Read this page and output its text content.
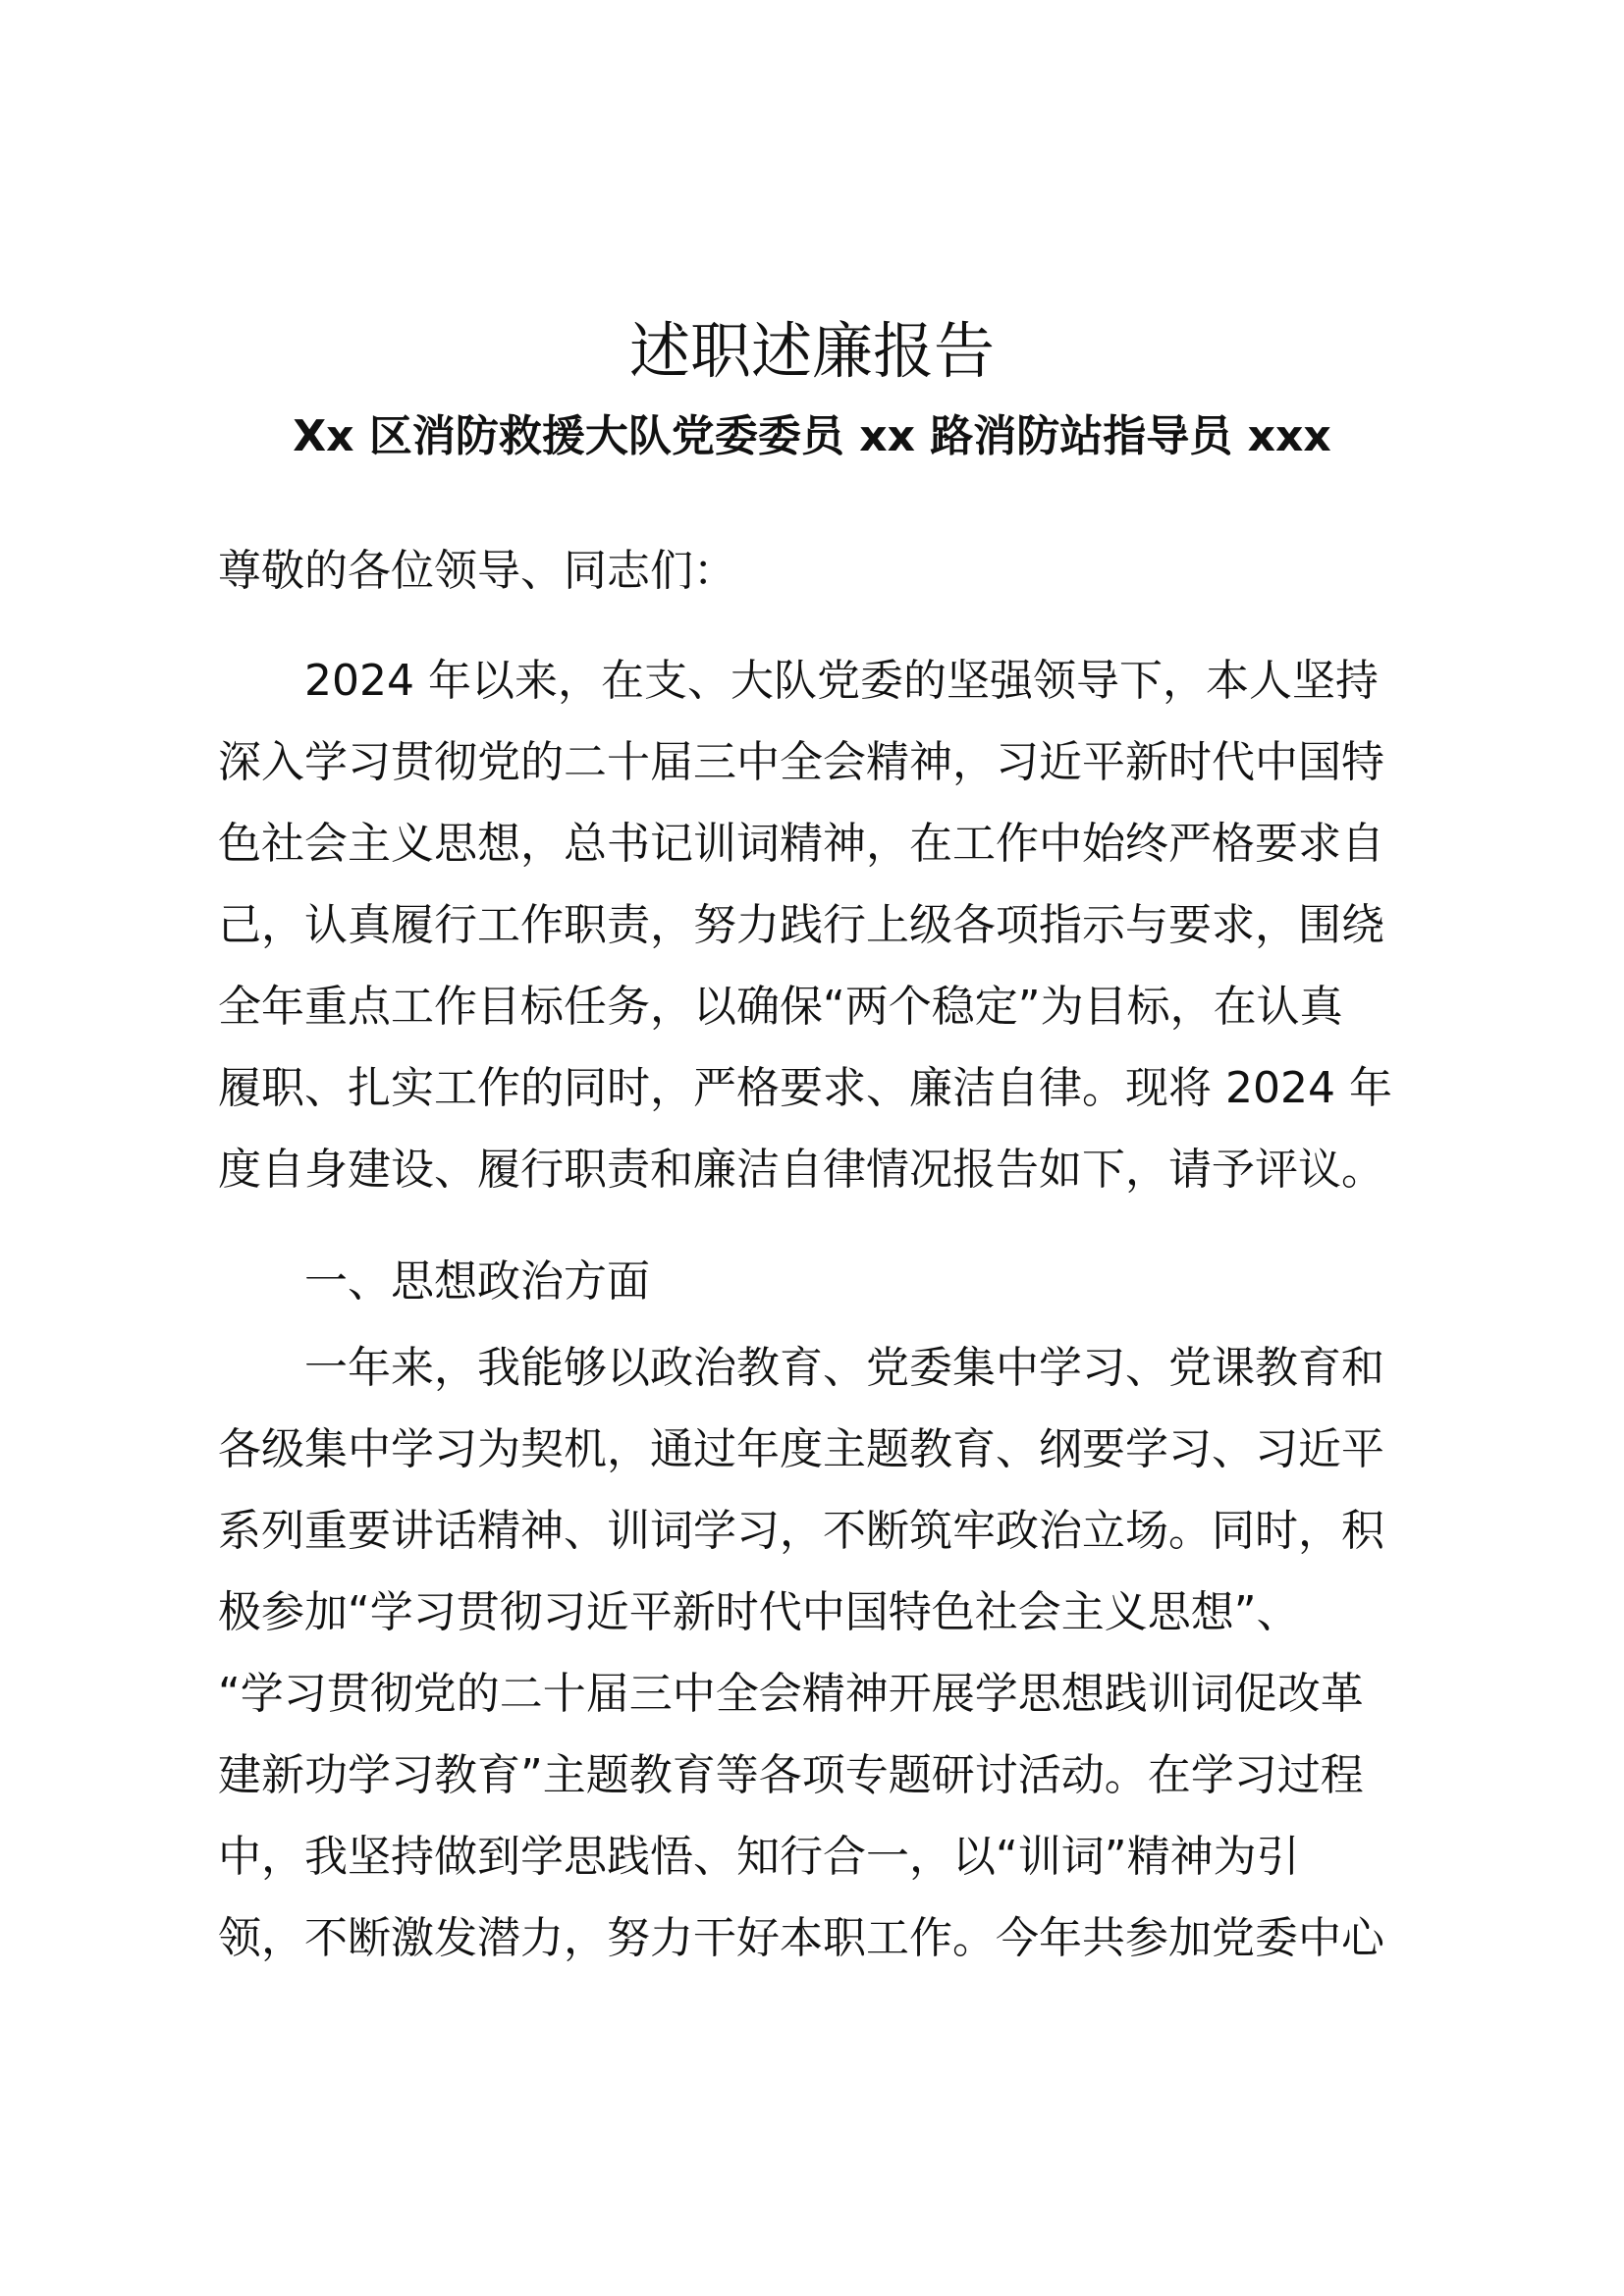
述职述廉报告
Xx 区消防救援大队党委委员 xx 路消防站指导员 xxx

尊敬的各位领导、同志们：

2024 年以来，在支、大队党委的坚强领导下，本人坚持

深入学习贯彻党的二十届三中全会精神，习近平新时代中国特

色社会主义思想，总书记训词精神，在工作中始终严格要求自

己，认真履行工作职责，努力践行上级各项指示与要求，围绕

全年重点工作目标任务，以确保“两个稳定”为目标，在认真

履职、扎实工作的同时，严格要求、廉洁自律。现将 2024 年

度自身建设、履行职责和廉洁自律情况报告如下，请予评议。

一、思想政治方面

一年来，我能够以政治教育、党委集中学习、党课教育和

各级集中学习为契机，通过年度主题教育、纲要学习、习近平

系列重要讲话精神、训词学习，不断筑牢政治立场。同时，积

极参加“学习贯彻习近平新时代中国特色社会主义思想”、

“学习贯彻党的二十届三中全会精神开展学思想践训词促改革

建新功学习教育”主题教育等各项专题研讨活动。在学习过程

中，我坚持做到学思践悟、知行合一，以“训词”精神为引

领，不断激发潜力，努力干好本职工作。今年共参加党委中心
